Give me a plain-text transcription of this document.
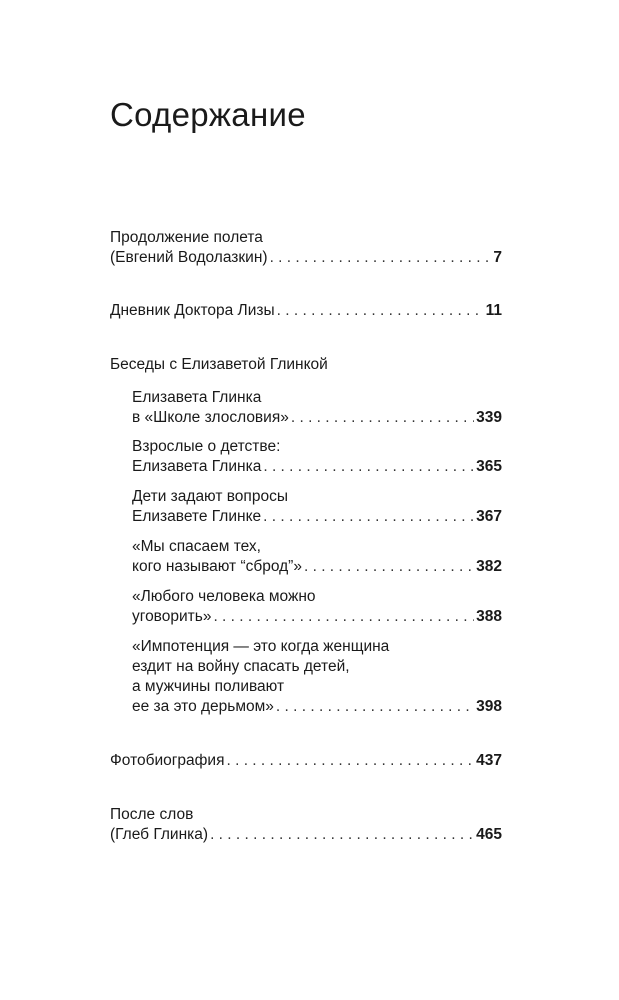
Содержание
Продолжение полета
(Евгений Водолазкин) . . .	7
Дневник Доктора Лизы . . .	11
Беседы с Елизаветой Глинкой
Елизавета Глинка
в «Школе злословия» . . .	339
Взрослые о детстве:
Елизавета Глинка . . .	365
Дети задают вопросы
Елизавете Глинке . . .	367
«Мы спасаем тех,
кого называют “сброд”» . . .	382
«Любого человека можно
уговорить» . . .	388
«Импотенция — это когда женщина
ездит на войну спасать детей,
а мужчины поливают
ее за это дерьмом» . . .	398
Фотобиография . . .	437
После слов
(Глеб Глинка) . . .	465
